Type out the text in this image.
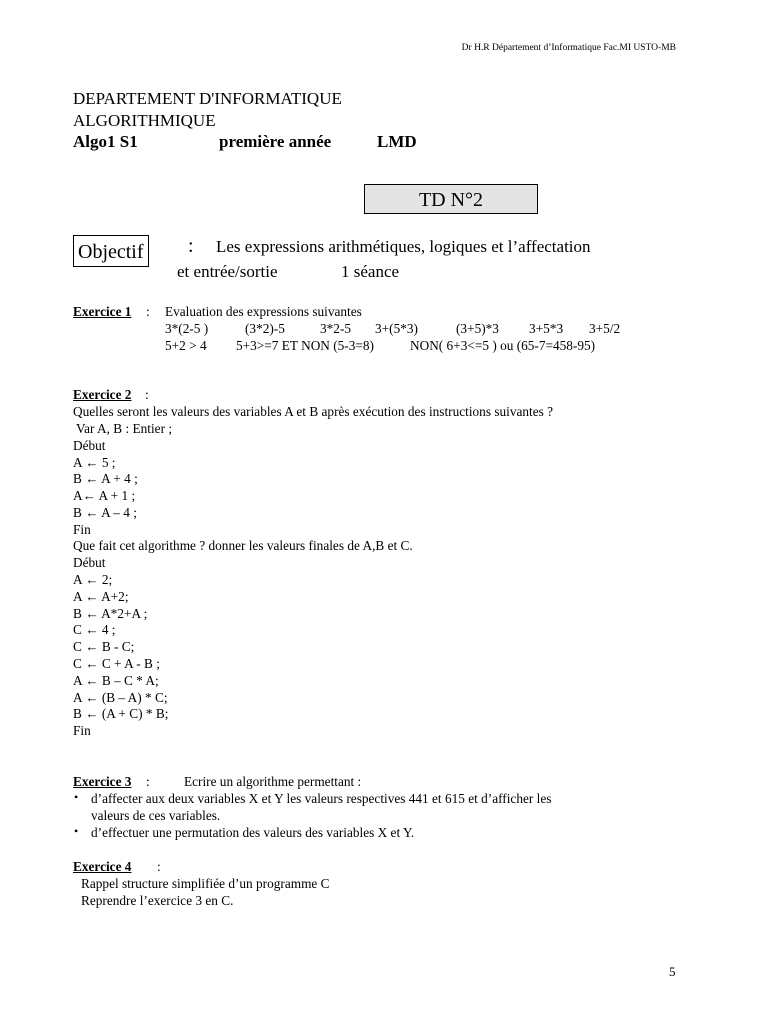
Dr H.R Département d’Informatique Fac.MI USTO-MB
DEPARTEMENT D'INFORMATIQUE
ALGORITHMIQUE
Algo1 S1	première année	LMD
TD N°2
Objectif : Les expressions arithmétiques, logiques et l’affectation
et entrée/sortie	1 séance
Exercice 1 : Evaluation des expressions suivantes
3*(2-5 )	(3*2)-5	3*2-5 3+(5*3)	(3+5)*3 3+5*3 3+5/2
5+2 > 4 5+3>=7 ET NON (5-3=8)	NON( 6+3<=5 ) ou (65-7=458-95)
Exercice 2 :
Quelles seront les valeurs des variables A et B après exécution des instructions suivantes ?
Var A, B : Entier ;
Début
A ← 5 ;
B ← A + 4 ;
A← A + 1 ;
B ← A – 4 ;
Fin
Que fait cet algorithme ? donner les valeurs finales de A,B et C.
Début
A ← 2;
A ← A+2;
B ← A*2+A ;
C ← 4 ;
C ← B - C;
C ← C + A - B ;
A ← B – C * A;
A ← (B – A) * C;
B ← (A + C) * B;
Fin
Exercice 3 :	Ecrire un algorithme permettant :
• d’affecter aux deux variables X et Y les valeurs respectives 441 et 615 et d’afficher les
valeurs de ces variables.
• d’effectuer une permutation des valeurs des variables X et Y.
Exercice 4 :
Rappel structure simplifiée d’un programme C
Reprendre l’exercice 3 en C.
5
